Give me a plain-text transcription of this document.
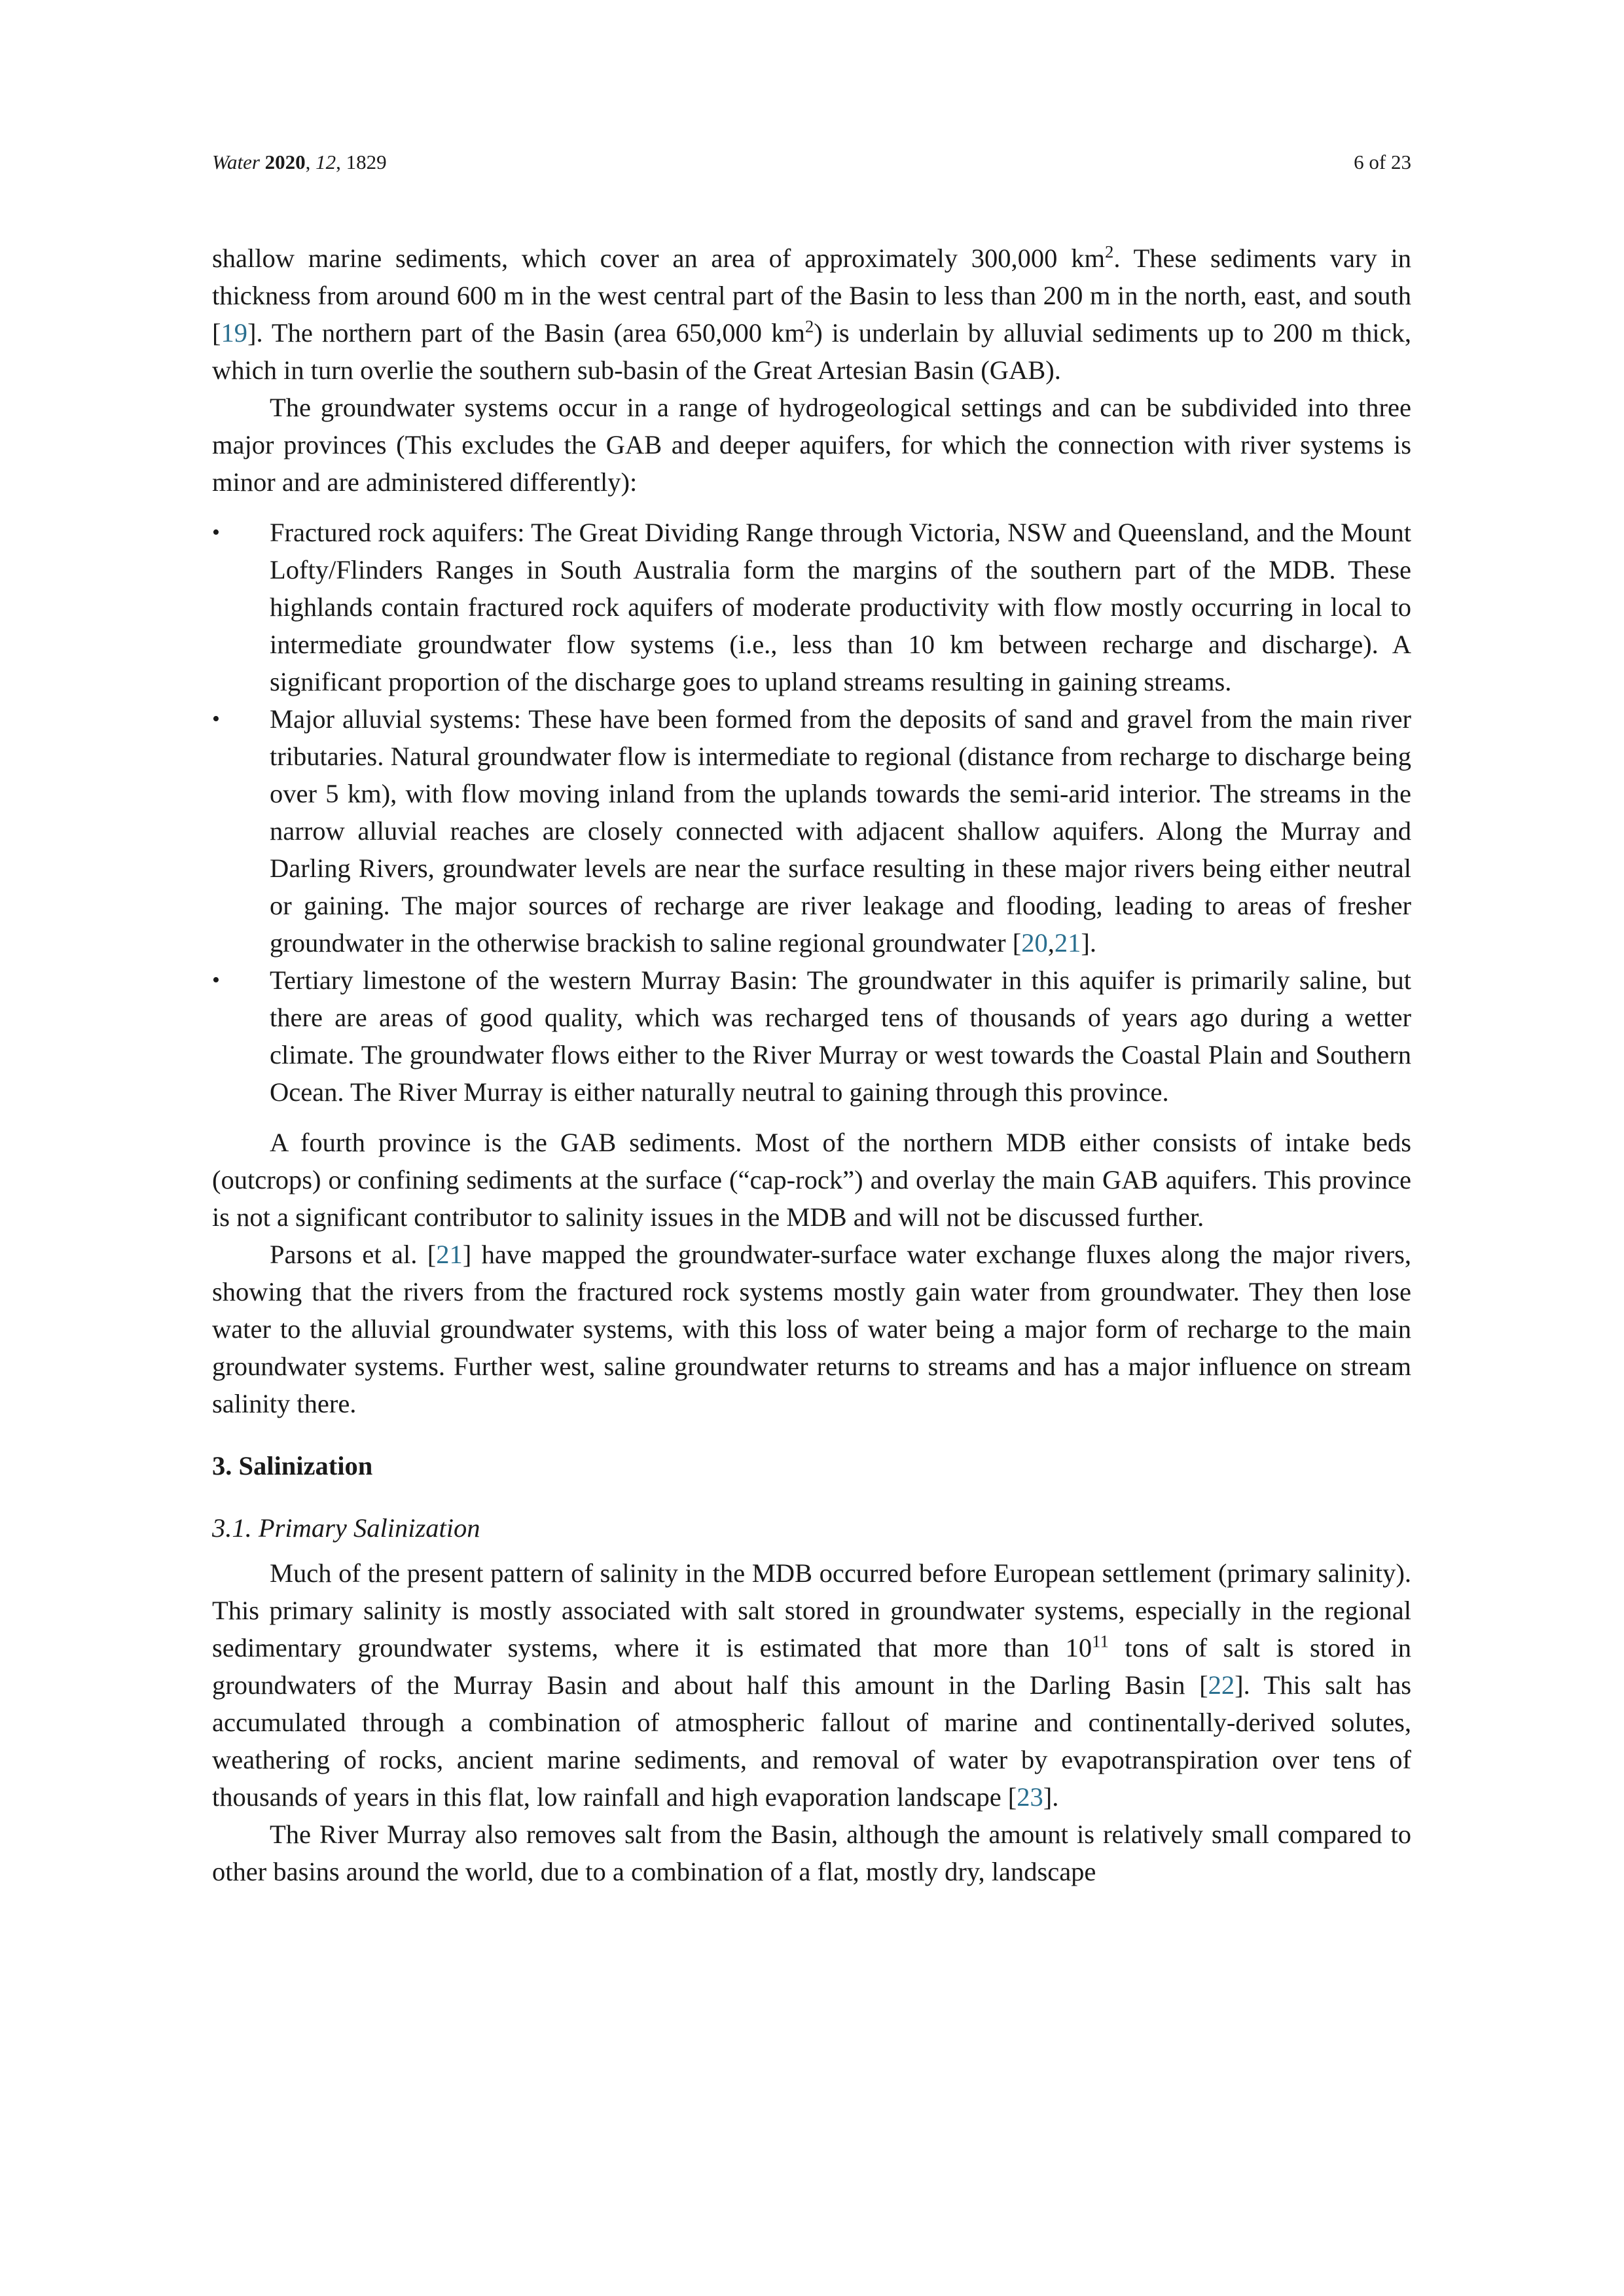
Water 2020, 12, 1829	6 of 23

shallow marine sediments, which cover an area of approximately 300,000 $km^2$. These sediments vary in thickness from around 600 m in the west central part of the Basin to less than 200 m in the north, east, and south [19]. The northern part of the Basin (area 650,000 $km^2$) is underlain by alluvial sediments up to 200 m thick, which in turn overlie the southern sub-basin of the Great Artesian Basin (GAB).

The groundwater systems occur in a range of hydrogeological settings and can be subdivided into three major provinces (This excludes the GAB and deeper aquifers, for which the connection with river systems is minor and are administered differently):

•	Fractured rock aquifers: The Great Dividing Range through Victoria, NSW and Queensland, and the Mount Lofty/Flinders Ranges in South Australia form the margins of the southern part of the MDB. These highlands contain fractured rock aquifers of moderate productivity with flow mostly occurring in local to intermediate groundwater flow systems (i.e., less than 10 km between recharge and discharge). A significant proportion of the discharge goes to upland streams resulting in gaining streams.
•	Major alluvial systems: These have been formed from the deposits of sand and gravel from the main river tributaries. Natural groundwater flow is intermediate to regional (distance from recharge to discharge being over 5 km), with flow moving inland from the uplands towards the semi-arid interior. The streams in the narrow alluvial reaches are closely connected with adjacent shallow aquifers. Along the Murray and Darling Rivers, groundwater levels are near the surface resulting in these major rivers being either neutral or gaining. The major sources of recharge are river leakage and flooding, leading to areas of fresher groundwater in the otherwise brackish to saline regional groundwater [20,21].
•	Tertiary limestone of the western Murray Basin: The groundwater in this aquifer is primarily saline, but there are areas of good quality, which was recharged tens of thousands of years ago during a wetter climate. The groundwater flows either to the River Murray or west towards the Coastal Plain and Southern Ocean. The River Murray is either naturally neutral to gaining through this province.

A fourth province is the GAB sediments. Most of the northern MDB either consists of intake beds (outcrops) or confining sediments at the surface (“cap-rock”) and overlay the main GAB aquifers. This province is not a significant contributor to salinity issues in the MDB and will not be discussed further.

Parsons et al. [21] have mapped the groundwater-surface water exchange fluxes along the major rivers, showing that the rivers from the fractured rock systems mostly gain water from groundwater. They then lose water to the alluvial groundwater systems, with this loss of water being a major form of recharge to the main groundwater systems. Further west, saline groundwater returns to streams and has a major influence on stream salinity there.

3. Salinization
3.1. Primary Salinization

Much of the present pattern of salinity in the MDB occurred before European settlement (primary salinity). This primary salinity is mostly associated with salt stored in groundwater systems, especially in the regional sedimentary groundwater systems, where it is estimated that more than $10^{11}$ tons of salt is stored in groundwaters of the Murray Basin and about half this amount in the Darling Basin [22]. This salt has accumulated through a combination of atmospheric fallout of marine and continentally-derived solutes, weathering of rocks, ancient marine sediments, and removal of water by evapotranspiration over tens of thousands of years in this flat, low rainfall and high evaporation landscape [23].

The River Murray also removes salt from the Basin, although the amount is relatively small compared to other basins around the world, due to a combination of a flat, mostly dry, landscape
